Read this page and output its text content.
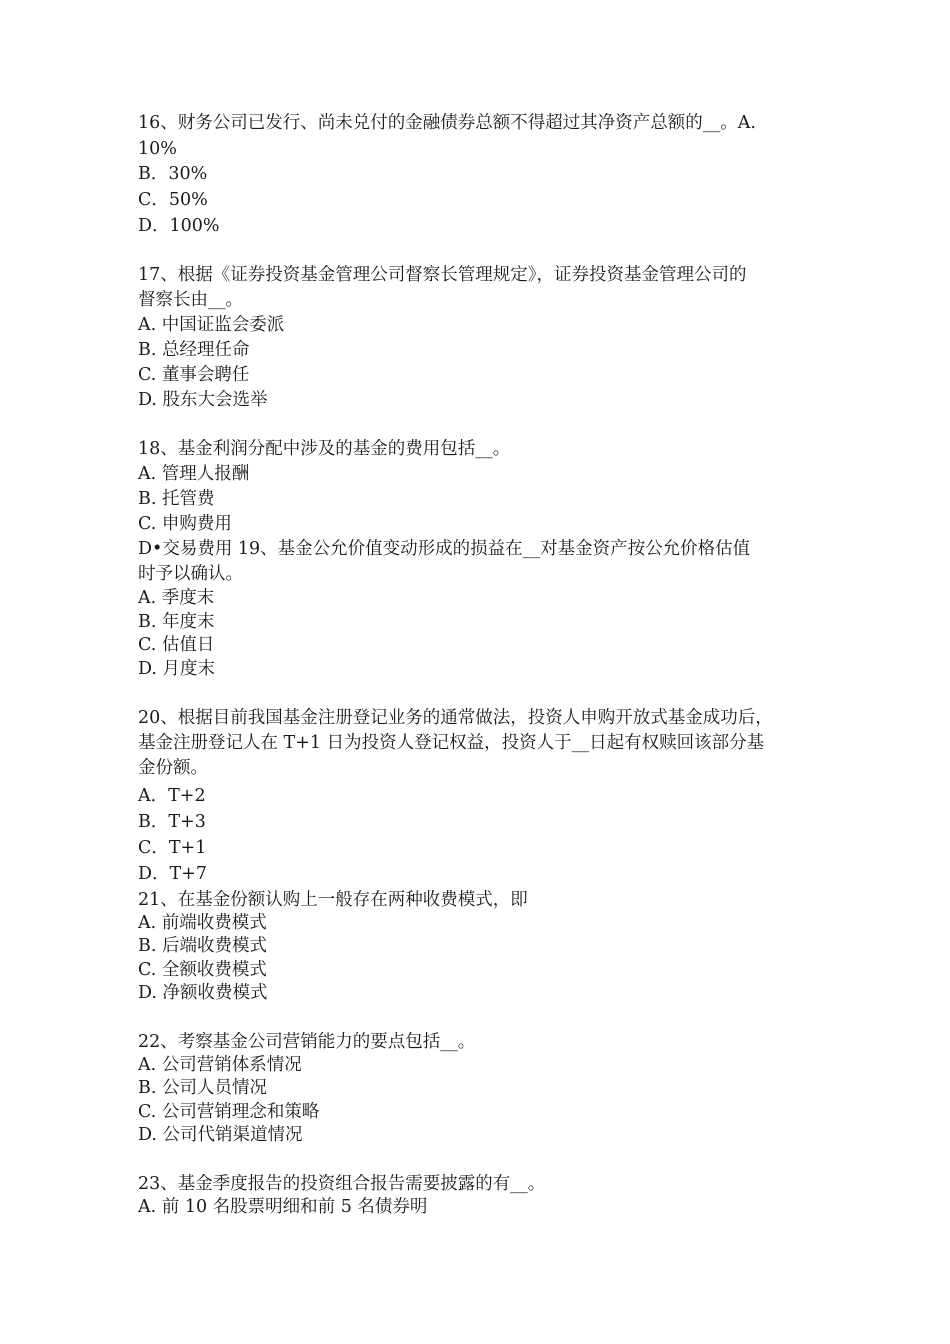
16、财务公司已发行、尚未兑付的金融债券总额不得超过其净资产总额的__。A.
10%
B．30%
C．50%
D．100%
17、根据《证券投资基金管理公司督察长管理规定》，证券投资基金管理公司的
督察长由__。
A. 中国证监会委派
B. 总经理任命
C. 董事会聘任
D. 股东大会选举
18、基金利润分配中涉及的基金的费用包括__。
A. 管理人报酬
B. 托管费
C. 申购费用
D•交易费用 19、基金公允价值变动形成的损益在__对基金资产按公允价格估值
时予以确认。
A. 季度末
B. 年度末
C. 估值日
D. 月度末
20、根据目前我国基金注册登记业务的通常做法，投资人申购开放式基金成功后，
基金注册登记人在 T+1 日为投资人登记权益，投资人于__日起有权赎回该部分基
金份额。
A．T+2
B．T+3
C．T+1
D．T+7
21、在基金份额认购上一般存在两种收费模式，即
A. 前端收费模式
B. 后端收费模式
C. 全额收费模式
D. 净额收费模式
22、考察基金公司营销能力的要点包括__。
A. 公司营销体系情况
B. 公司人员情况
C. 公司营销理念和策略
D. 公司代销渠道情况
23、基金季度报告的投资组合报告需要披露的有__。
A. 前 10 名股票明细和前 5 名债券明
